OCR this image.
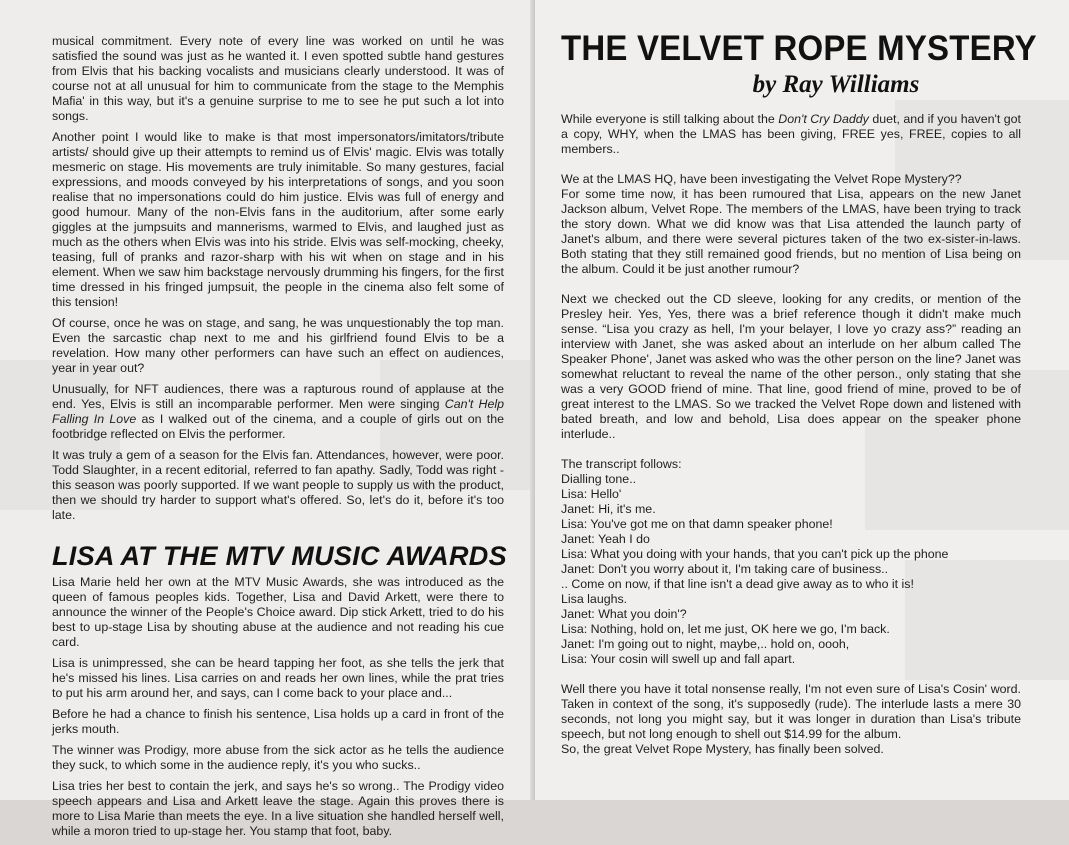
musical commitment. Every note of every line was worked on until he was satisfied the sound was just as he wanted it. I even spotted subtle hand gestures from Elvis that his backing vocalists and musicians clearly understood. It was of course not at all unusual for him to communicate from the stage to the Memphis Mafia' in this way, but it's a genuine surprise to me to see he put such a lot into songs.

Another point I would like to make is that most impersonators/imitators/tribute artists/ should give up their attempts to remind us of Elvis' magic. Elvis was totally mesmeric on stage. His movements are truly inimitable. So many gestures, facial expressions, and moods conveyed by his interpretations of songs, and you soon realise that no impersonations could do him justice. Elvis was full of energy and good humour. Many of the non-Elvis fans in the auditorium, after some early giggles at the jumpsuits and mannerisms, warmed to Elvis, and laughed just as much as the others when Elvis was into his stride. Elvis was self-mocking, cheeky, teasing, full of pranks and razor-sharp with his wit when on stage and in his element. When we saw him backstage nervously drumming his fingers, for the first time dressed in his fringed jumpsuit, the people in the cinema also felt some of this tension!

Of course, once he was on stage, and sang, he was unquestionably the top man. Even the sarcastic chap next to me and his girlfriend found Elvis to be a revelation. How many other performers can have such an effect on audiences, year in year out?

Unusually, for NFT audiences, there was a rapturous round of applause at the end. Yes, Elvis is still an incomparable performer. Men were singing Can't Help Falling In Love as I walked out of the cinema, and a couple of girls out on the footbridge reflected on Elvis the performer.

It was truly a gem of a season for the Elvis fan. Attendances, however, were poor. Todd Slaughter, in a recent editorial, referred to fan apathy. Sadly, Todd was right - this season was poorly supported. If we want people to supply us with the product, then we should try harder to support what's offered. So, let's do it, before it's too late.

LISA AT THE MTV MUSIC AWARDS

Lisa Marie held her own at the MTV Music Awards, she was introduced as the queen of famous peoples kids. Together, Lisa and David Arkett, were there to announce the winner of the People's Choice award. Dip stick Arkett, tried to do his best to up-stage Lisa by shouting abuse at the audience and not reading his cue card.

Lisa is unimpressed, she can be heard tapping her foot, as she tells the jerk that he's missed his lines. Lisa carries on and reads her own lines, while the prat tries to put his arm around her, and says, can I come back to your place and...

Before he had a chance to finish his sentence, Lisa holds up a card in front of the jerks mouth.

The winner was Prodigy, more abuse from the sick actor as he tells the audience they suck, to which some in the audience reply, it's you who sucks..

Lisa tries her best to contain the jerk, and says he's so wrong.. The Prodigy video speech appears and Lisa and Arkett leave the stage. Again this proves there is more to Lisa Marie than meets the eye. In a live situation she handled herself well, while a moron tried to up-stage her. You stamp that foot, baby.

THE VELVET ROPE MYSTERY
by Ray Williams

While everyone is still talking about the Don't Cry Daddy duet, and if you haven't got a copy, WHY, when the LMAS has been giving, FREE yes, FREE, copies to all members..

We at the LMAS HQ, have been investigating the Velvet Rope Mystery??
For some time now, it has been rumoured that Lisa, appears on the new Janet Jackson album, Velvet Rope. The members of the LMAS, have been trying to track the story down. What we did know was that Lisa attended the launch party of Janet's album, and there were several pictures taken of the two ex-sister-in-laws. Both stating that they still remained good friends, but no mention of Lisa being on the album. Could it be just another rumour?

Next we checked out the CD sleeve, looking for any credits, or mention of the Presley heir. Yes, Yes, there was a brief reference though it didn't make much sense. “Lisa you crazy as hell, I'm your belayer, I love yo crazy ass?” reading an interview with Janet, she was asked about an interlude on her album called The Speaker Phone', Janet was asked who was the other person on the line? Janet was somewhat reluctant to reveal the name of the other person., only stating that she was a very GOOD friend of mine. That line, good friend of mine, proved to be of great interest to the LMAS. So we tracked the Velvet Rope down and listened with bated breath, and low and behold, Lisa does appear on the speaker phone interlude..

The transcript follows:

Dialling tone..

Lisa: Hello'

Janet: Hi, it's me.

Lisa: You've got me on that damn speaker phone!

Janet: Yeah I do

Lisa: What you doing with your hands, that you can't pick up the phone

Janet: Don't you worry about it, I'm taking care of business..

.. Come on now, if that line isn't a dead give away as to who it is!

Lisa laughs.

Janet: What you doin'?

Lisa: Nothing, hold on, let me just, OK here we go, I'm back.

Janet: I'm going out to night, maybe,.. hold on, oooh,

Lisa: Your cosin will swell up and fall apart.

Well there you have it total nonsense really, I'm not even sure of Lisa's Cosin' word. Taken in context of the song, it's supposedly (rude). The interlude lasts a mere 30 seconds, not long you might say, but it was longer in duration than Lisa's tribute speech, but not long enough to shell out $14.99 for the album.
So, the great Velvet Rope Mystery, has finally been solved.
